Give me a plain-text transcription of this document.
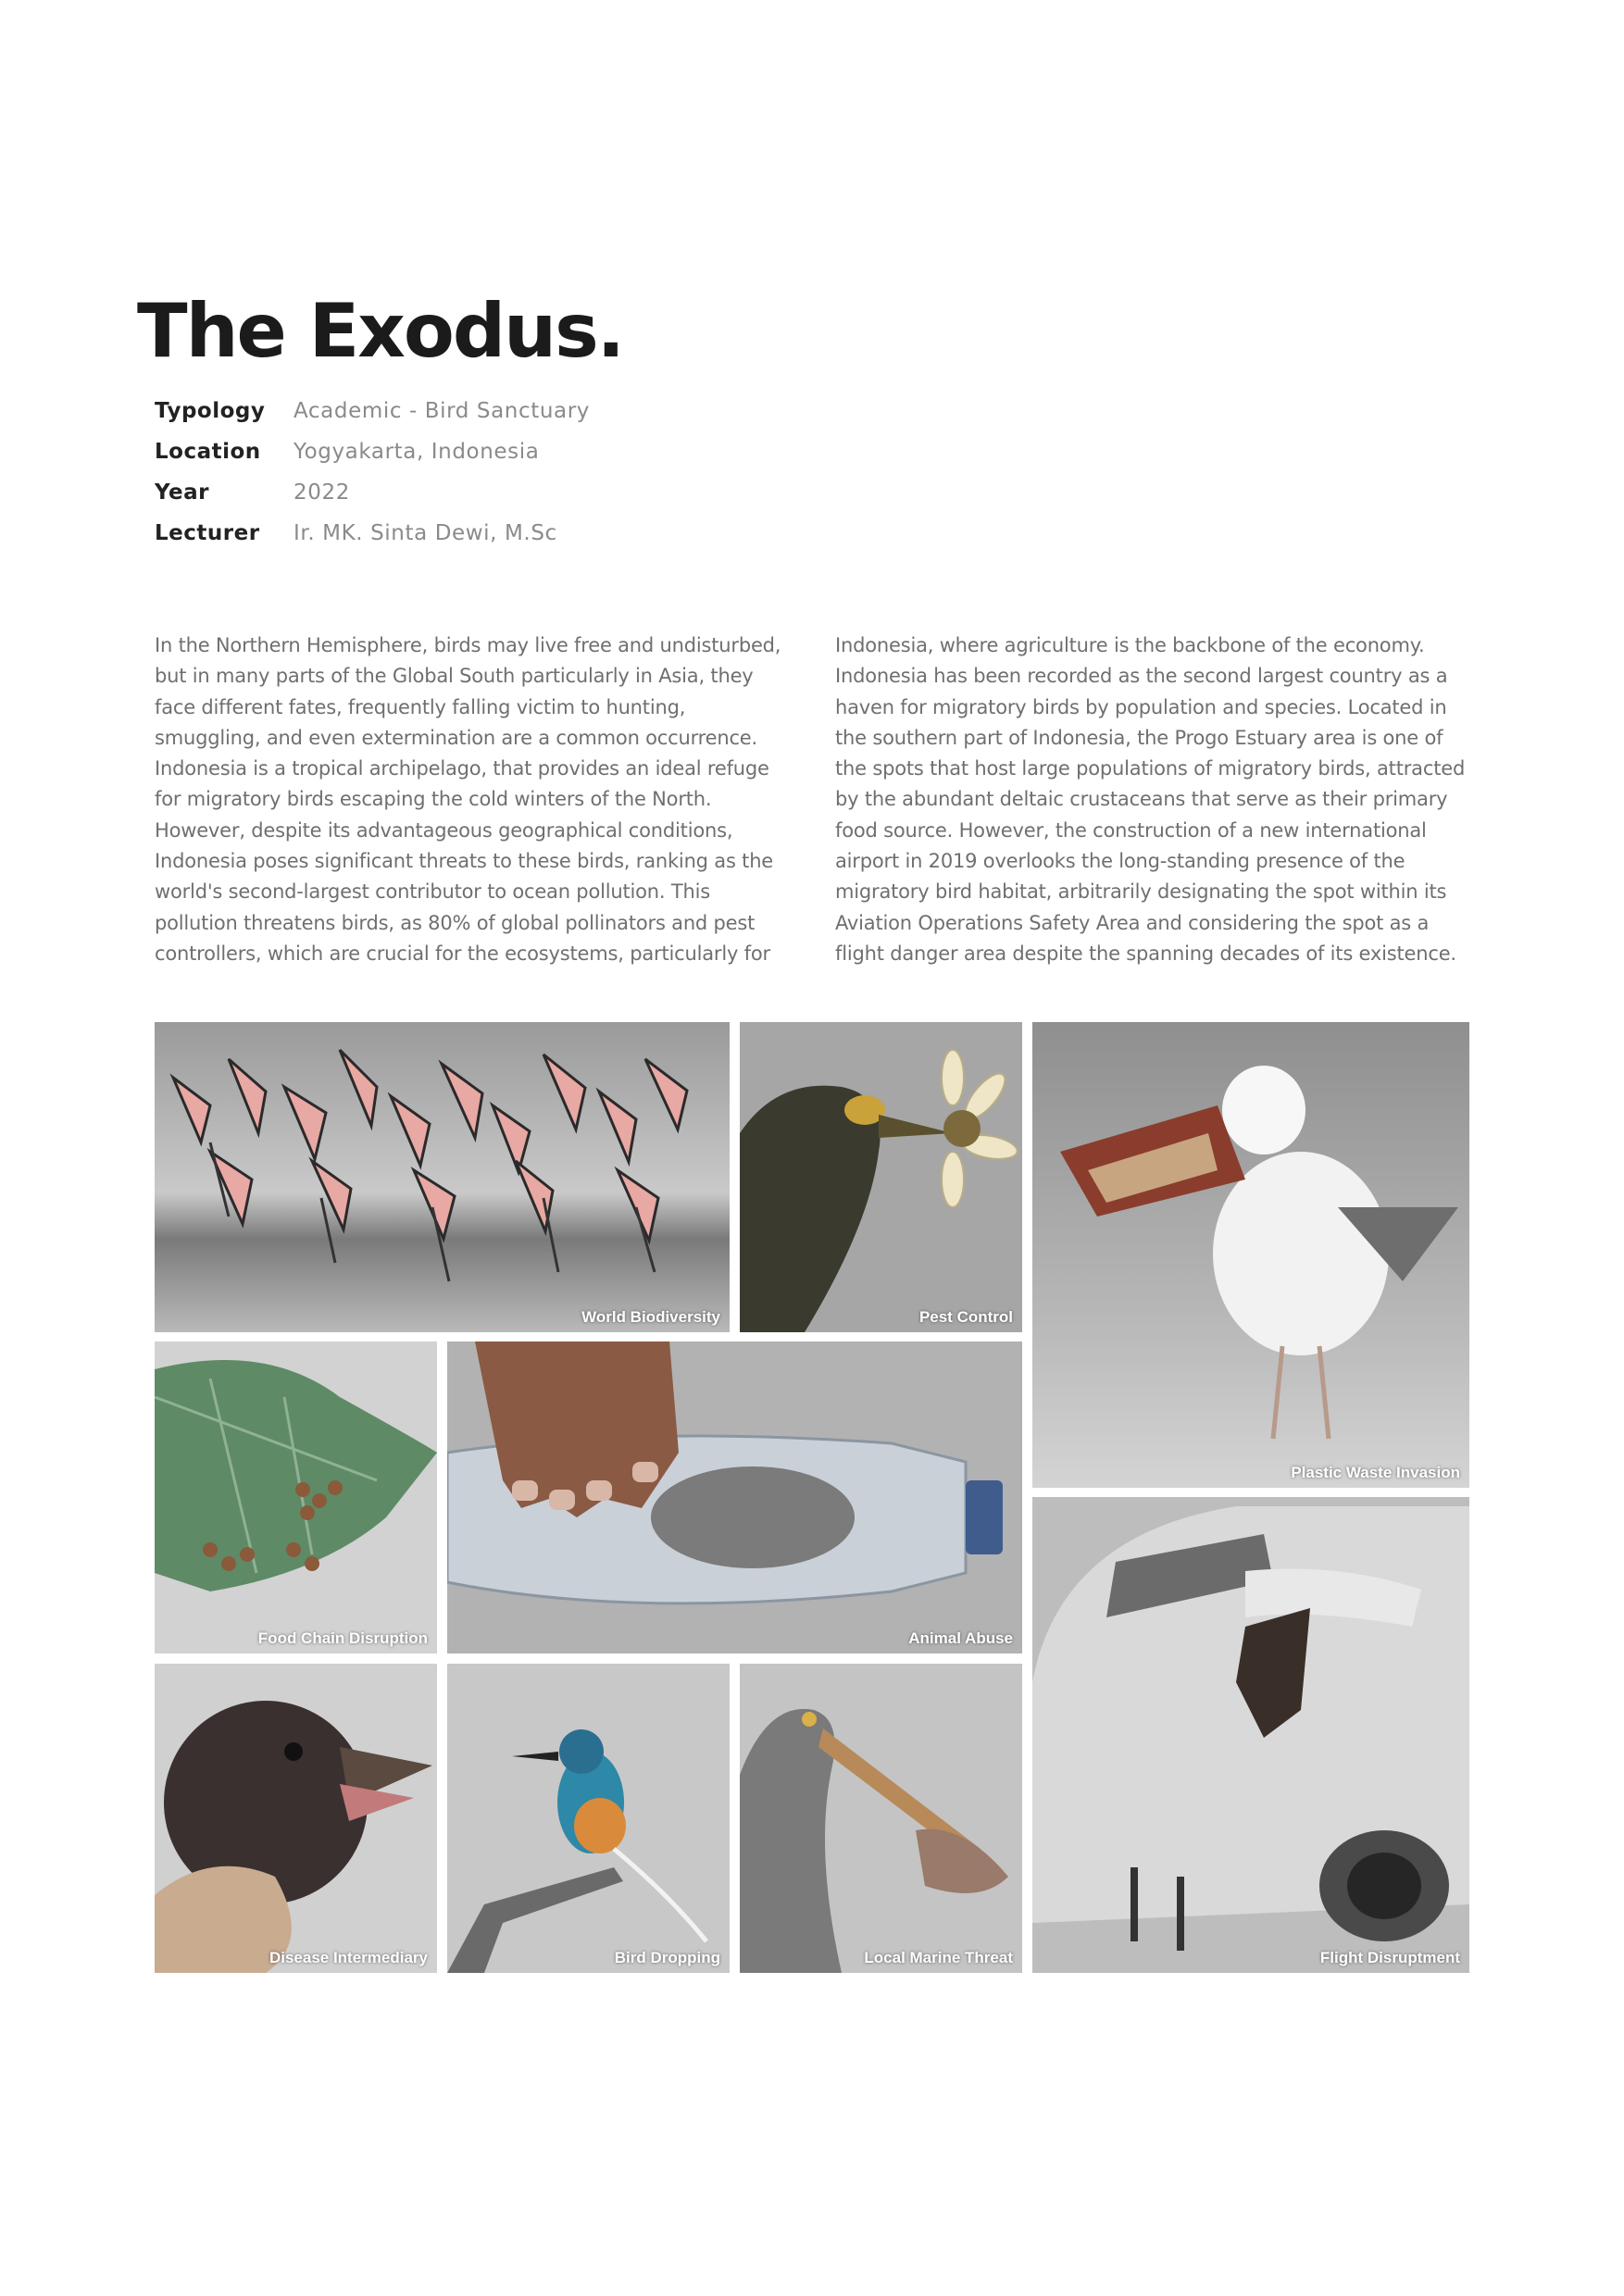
The Exodus.
Typology	Academic - Bird Sanctuary
Location	Yogyakarta, Indonesia
Year	2022
Lecturer	Ir. MK. Sinta Dewi, M.Sc

In the Northern Hemisphere, birds may live free and undisturbed,

but in many parts of the Global South particularly in Asia, they

face different fates, frequently falling victim to hunting,

smuggling, and even extermination are a common occurrence.

Indonesia is a tropical archipelago, that provides an ideal refuge

for migratory birds escaping the cold winters of the North.

However, despite its advantageous geographical conditions,

Indonesia poses significant threats to these birds, ranking as the

world's second-largest contributor to ocean pollution. This

pollution threatens birds, as 80% of global pollinators and pest

controllers, which are crucial for the ecosystems, particularly for

Indonesia, where agriculture is the backbone of the economy.

Indonesia has been recorded as the second largest country as a

haven for migratory birds by population and species. Located in

the southern part of Indonesia, the Progo Estuary area is one of

the spots that host large populations of migratory birds, attracted

by the abundant deltaic crustaceans that serve as their primary

food source. However, the construction of a new international

airport in 2019 overlooks the long-standing presence of the

migratory bird habitat, arbitrarily designating the spot within its

Aviation Operations Safety Area and considering the spot as a

flight danger area despite the spanning decades of its existence.

World Biodiversity	Pest Control
Plastic Waste Invasion
Food Chain Disruption	Animal Abuse
Flight Disruptment
Disease Intermediary	Bird Dropping	Local Marine Threat
